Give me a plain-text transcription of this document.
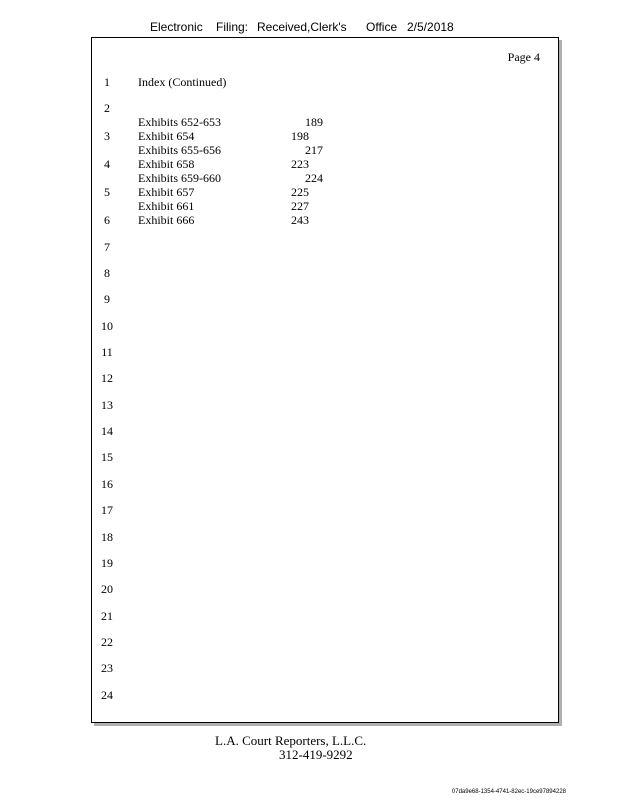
Electronic Filing: Received,Clerk's Office 2/5/2018
Page 4
1
2
3
4
5
6
7
8
9
10
11
12
13
14
15
16
17
18
19
20
21
22
23
24
Index (Continued)
Exhibits 652-653	189
Exhibit 654	198
Exhibits 655-656	217
Exhibit 658	223
Exhibits 659-660	224
Exhibit 657	225
Exhibit 661	227
Exhibit 666	243
L.A. Court Reporters, L.L.C.
312-419-9292
07da9e68-1354-4741-82ec-19ce97894228
